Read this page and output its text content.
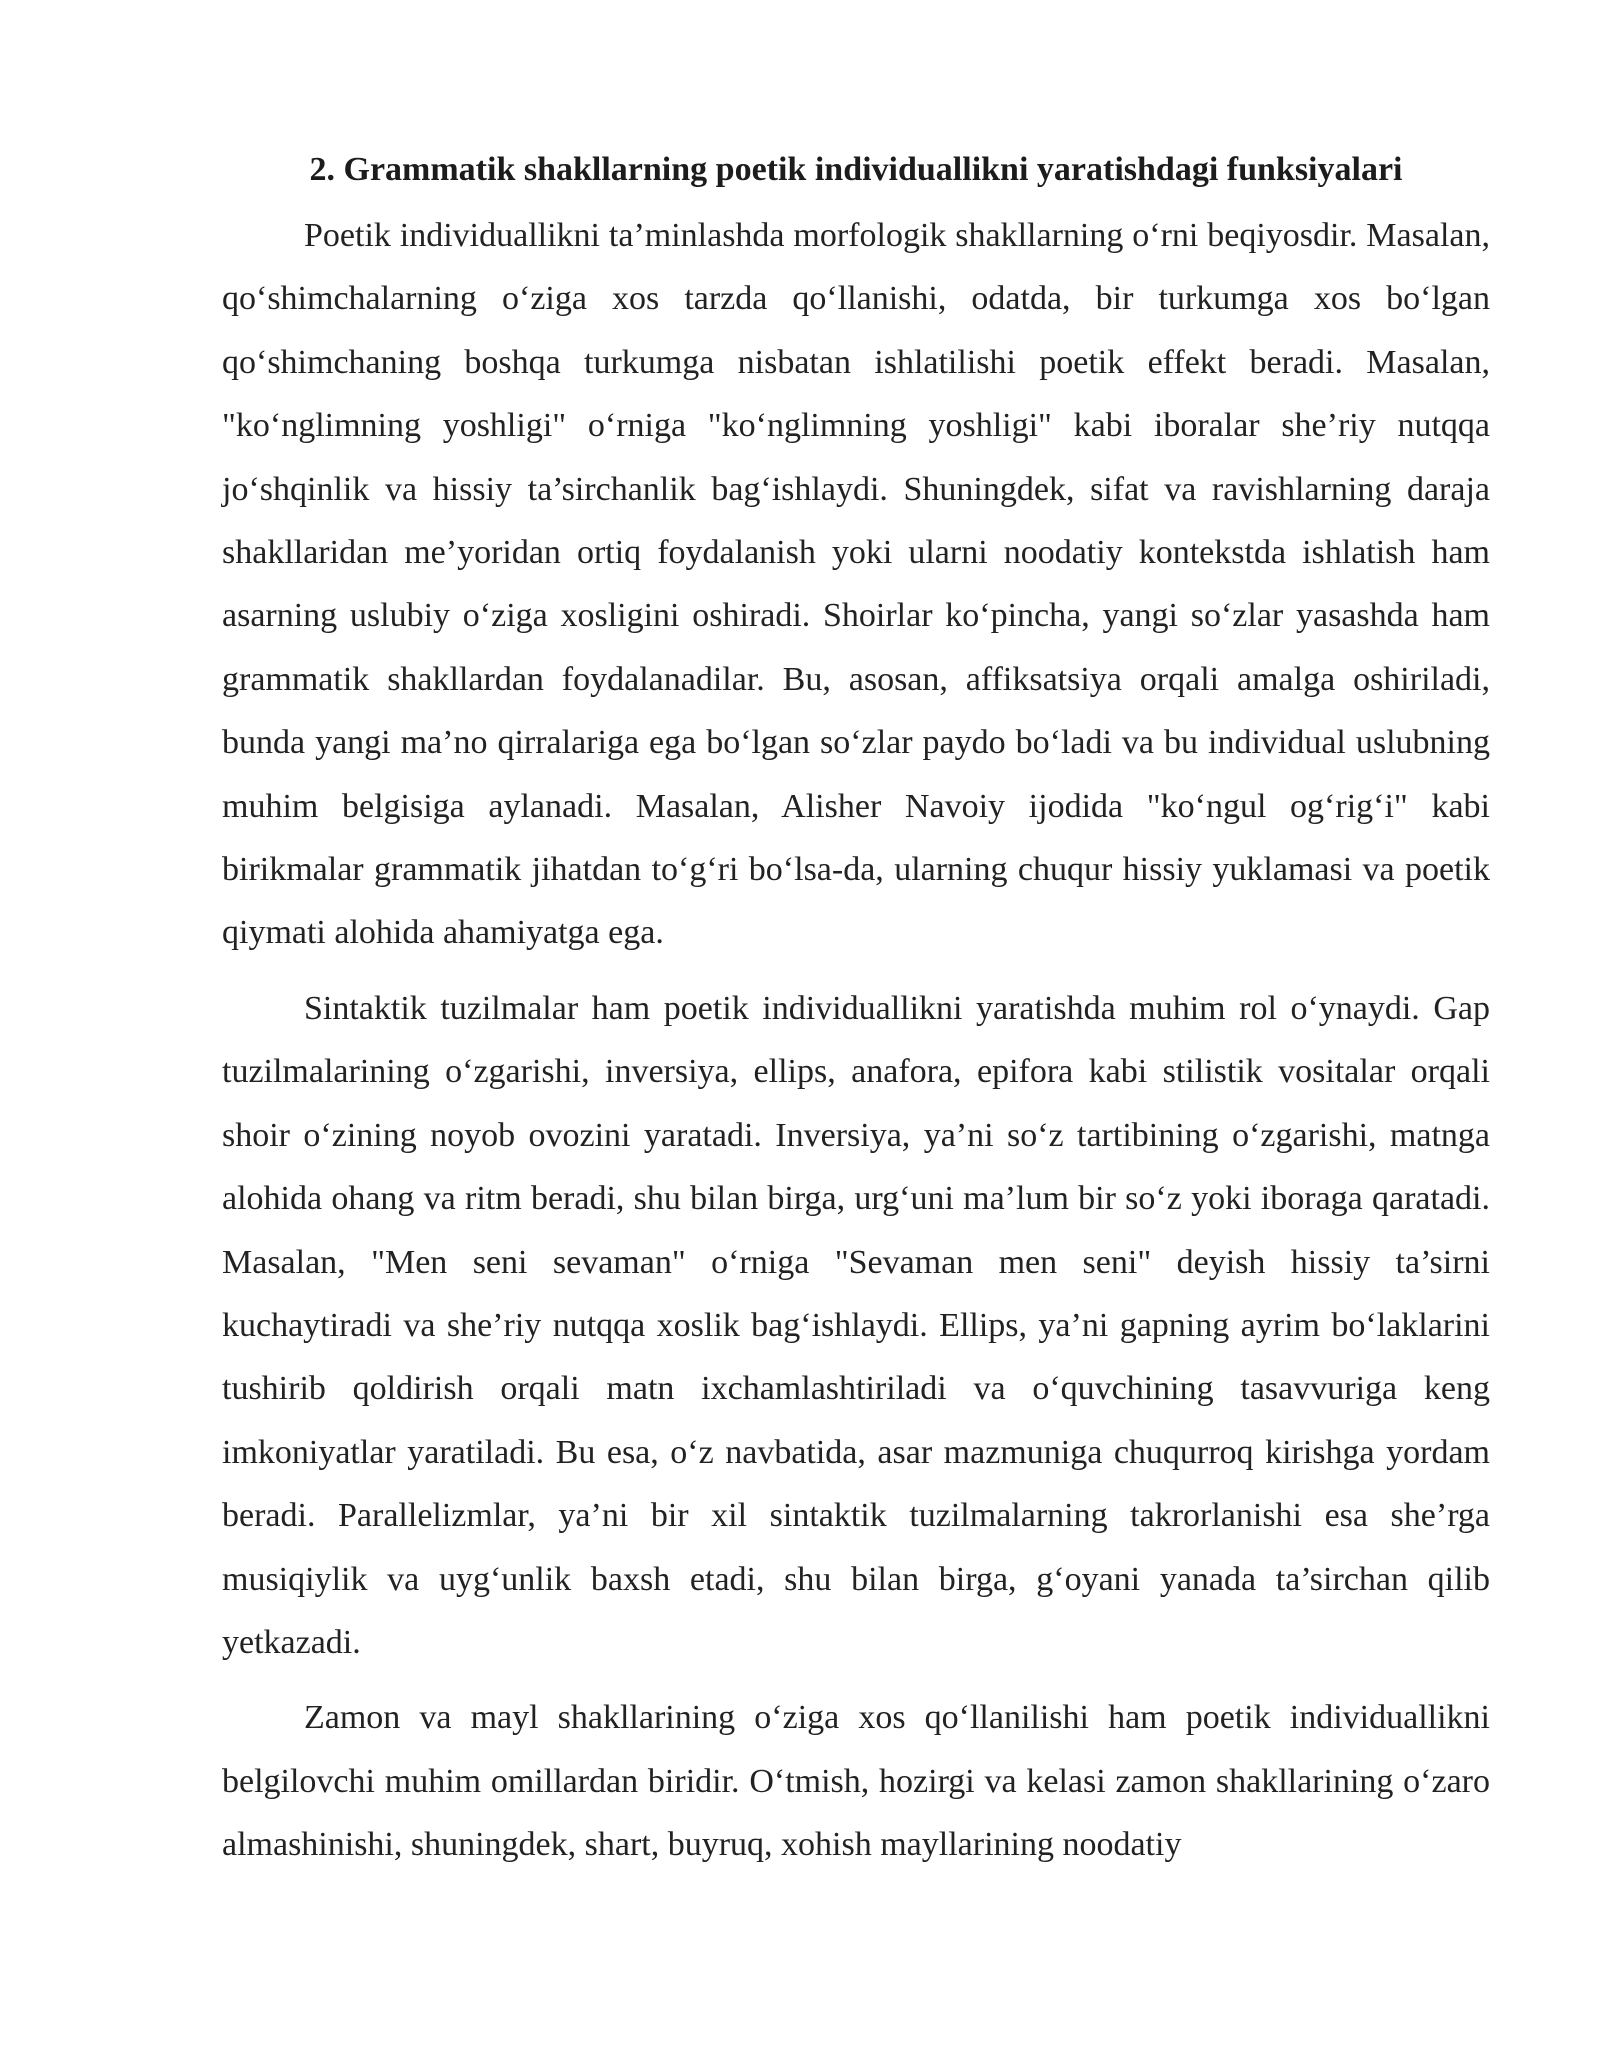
2. Grammatik shakllarning poetik individuallikni yaratishdagi funksiyalari

Poetik individuallikni ta’minlashda morfologik shakllarning o‘rni beqiyosdir. Masalan, qo‘shimchalarning o‘ziga xos tarzda qo‘llanishi, odatda, bir turkumga xos bo‘lgan qo‘shimchaning boshqa turkumga nisbatan ishlatilishi poetik effekt beradi. Masalan, "ko‘nglimning yoshligi" o‘rniga "ko‘nglimning yoshligi" kabi iboralar she’riy nutqqa jo‘shqinlik va hissiy ta’sirchanlik bag‘ishlaydi. Shuningdek, sifat va ravishlarning daraja shakllaridan me’yoridan ortiq foydalanish yoki ularni noodatiy kontekstda ishlatish ham asarning uslubiy o‘ziga xosligini oshiradi. Shoirlar ko‘pincha, yangi so‘zlar yasashda ham grammatik shakllardan foydalanadilar. Bu, asosan, affiksatsiya orqali amalga oshiriladi, bunda yangi ma’no qirralariga ega bo‘lgan so‘zlar paydo bo‘ladi va bu individual uslubning muhim belgisiga aylanadi. Masalan, Alisher Navoiy ijodida "ko‘ngul og‘rig‘i" kabi birikmalar grammatik jihatdan to‘g‘ri bo‘lsa-da, ularning chuqur hissiy yuklamasi va poetik qiymati alohida ahamiyatga ega.

Sintaktik tuzilmalar ham poetik individuallikni yaratishda muhim rol o‘ynaydi. Gap tuzilmalarining o‘zgarishi, inversiya, ellips, anafora, epifora kabi stilistik vositalar orqali shoir o‘zining noyob ovozini yaratadi. Inversiya, ya’ni so‘z tartibining o‘zgarishi, matnga alohida ohang va ritm beradi, shu bilan birga, urg‘uni ma’lum bir so‘z yoki iboraga qaratadi. Masalan, "Men seni sevaman" o‘rniga "Sevaman men seni" deyish hissiy ta’sirni kuchaytiradi va she’riy nutqqa xoslik bag‘ishlaydi. Ellips, ya’ni gapning ayrim bo‘laklarini tushirib qoldirish orqali matn ixchamlashtiriladi va o‘quvchining tasavvuriga keng imkoniyatlar yaratiladi. Bu esa, o‘z navbatida, asar mazmuniga chuqurroq kirishga yordam beradi. Parallelizmlar, ya’ni bir xil sintaktik tuzilmalarning takrorlanishi esa she’rga musiqiylik va uyg‘unlik baxsh etadi, shu bilan birga, g‘oyani yanada ta’sirchan qilib yetkazadi.

Zamon va mayl shakllarining o‘ziga xos qo‘llanilishi ham poetik individuallikni belgilovchi muhim omillardan biridir. O‘tmish, hozirgi va kelasi zamon shakllarining o‘zaro almashinishi, shuningdek, shart, buyruq, xohish mayllarining noodatiy
